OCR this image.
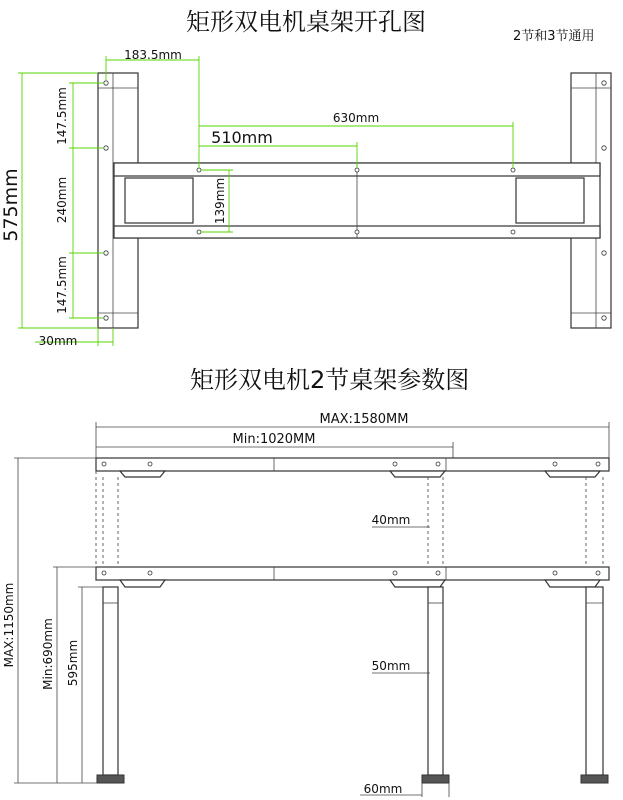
矩形双电机桌架开孔图
2节和3节通用
183.5mm
630mm
510mm
575mm
147.5mm
240mm
147.5mm
139mm
30mm
矩形双电机2节桌架参数图
MAX:1580MM
Min:1020MM
MAX:1150mm Min:690mm 595mm
40mm
50mm
60mm
